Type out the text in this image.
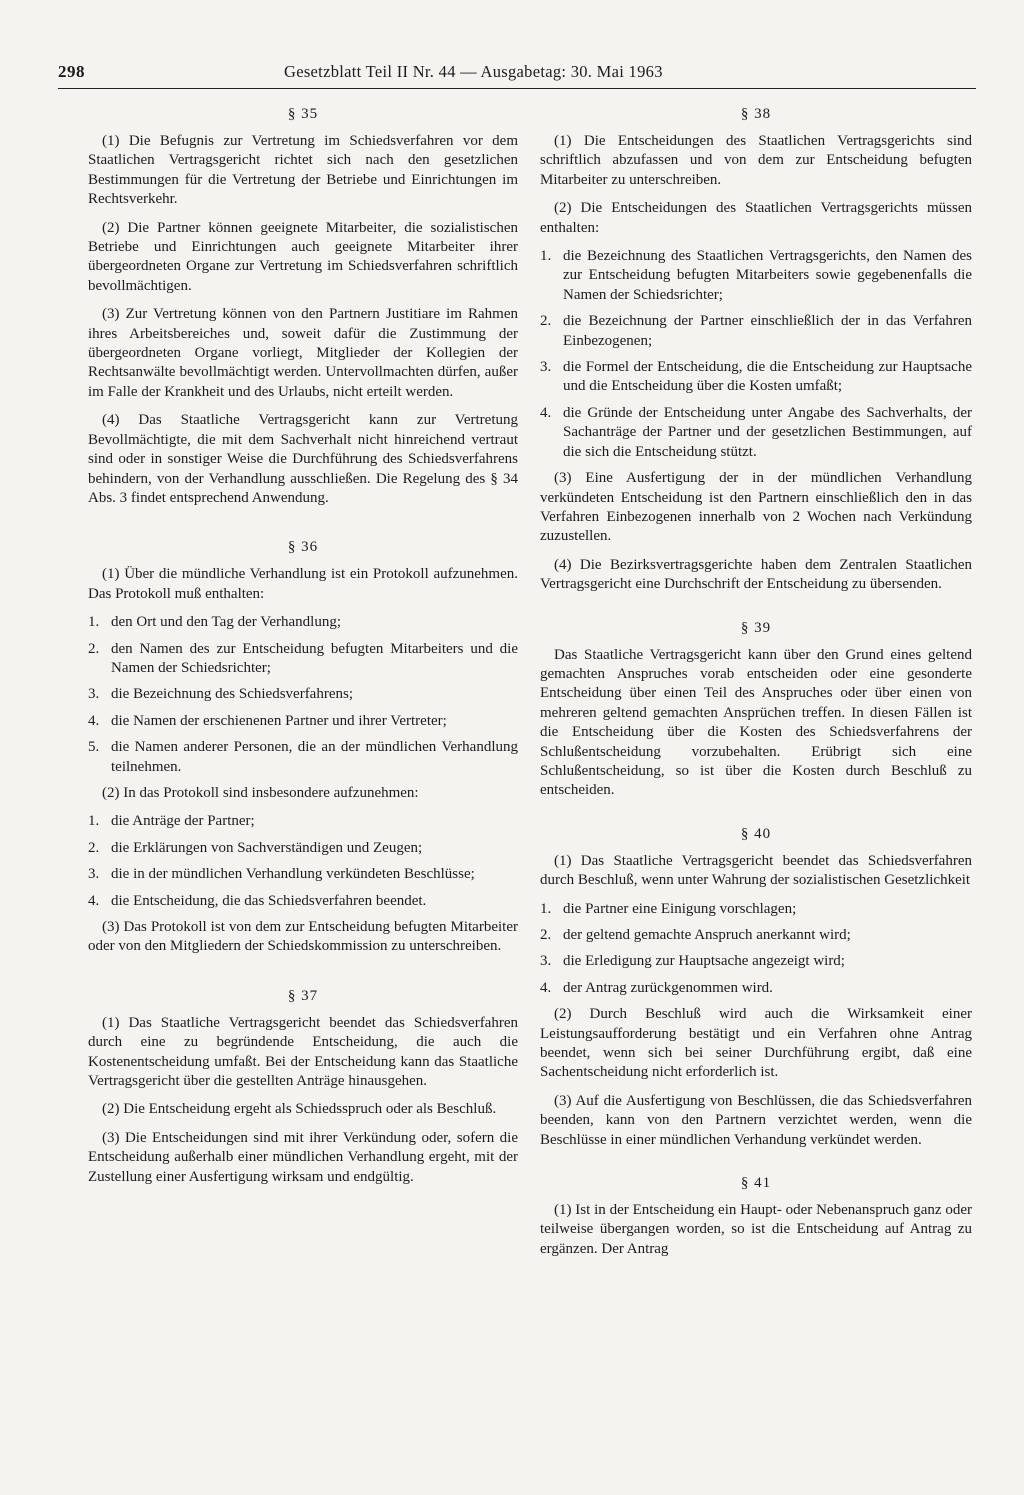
298	Gesetzblatt Teil II Nr. 44 — Ausgabetag: 30. Mai 1963
§ 35

(1) Die Befugnis zur Vertretung im Schiedsverfahren vor dem Staatlichen Vertragsgericht richtet sich nach den gesetzlichen Bestimmungen für die Vertretung der Betriebe und Einrichtungen im Rechtsverkehr.

(2) Die Partner können geeignete Mitarbeiter, die sozialistischen Betriebe und Einrichtungen auch geeignete Mitarbeiter ihrer übergeordneten Organe zur Vertretung im Schiedsverfahren schriftlich bevollmächtigen.

(3) Zur Vertretung können von den Partnern Justitiare im Rahmen ihres Arbeitsbereiches und, soweit dafür die Zustimmung der übergeordneten Organe vorliegt, Mitglieder der Kollegien der Rechtsanwälte bevollmächtigt werden. Untervollmachten dürfen, außer im Falle der Krankheit und des Urlaubs, nicht erteilt werden.

(4) Das Staatliche Vertragsgericht kann zur Vertretung Bevollmächtigte, die mit dem Sachverhalt nicht hinreichend vertraut sind oder in sonstiger Weise die Durchführung des Schiedsverfahrens behindern, von der Verhandlung ausschließen. Die Regelung des § 34 Abs. 3 findet entsprechend Anwendung.

§ 36

(1) Über die mündliche Verhandlung ist ein Protokoll aufzunehmen. Das Protokoll muß enthalten:

1. den Ort und den Tag der Verhandlung;
2. den Namen des zur Entscheidung befugten Mitarbeiters und die Namen der Schiedsrichter;
3. die Bezeichnung des Schiedsverfahrens;
4. die Namen der erschienenen Partner und ihrer Vertreter;
5. die Namen anderer Personen, die an der mündlichen Verhandlung teilnehmen.

(2) In das Protokoll sind insbesondere aufzunehmen:

1. die Anträge der Partner;
2. die Erklärungen von Sachverständigen und Zeugen;
3. die in der mündlichen Verhandlung verkündeten Beschlüsse;
4. die Entscheidung, die das Schiedsverfahren beendet.

(3) Das Protokoll ist von dem zur Entscheidung befugten Mitarbeiter oder von den Mitgliedern der Schiedskommission zu unterschreiben.

§ 37

(1) Das Staatliche Vertragsgericht beendet das Schiedsverfahren durch eine zu begründende Entscheidung, die auch die Kostenentscheidung umfaßt. Bei der Entscheidung kann das Staatliche Vertragsgericht über die gestellten Anträge hinausgehen.

(2) Die Entscheidung ergeht als Schiedsspruch oder als Beschluß.

(3) Die Entscheidungen sind mit ihrer Verkündung oder, sofern die Entscheidung außerhalb einer mündlichen Verhandlung ergeht, mit der Zustellung einer Ausfertigung wirksam und endgültig.

§ 38

(1) Die Entscheidungen des Staatlichen Vertragsgerichts sind schriftlich abzufassen und von dem zur Entscheidung befugten Mitarbeiter zu unterschreiben.

(2) Die Entscheidungen des Staatlichen Vertragsgerichts müssen enthalten:

1. die Bezeichnung des Staatlichen Vertragsgerichts, den Namen des zur Entscheidung befugten Mitarbeiters sowie gegebenenfalls die Namen der Schiedsrichter;
2. die Bezeichnung der Partner einschließlich der in das Verfahren Einbezogenen;
3. die Formel der Entscheidung, die die Entscheidung zur Hauptsache und die Entscheidung über die Kosten umfaßt;
4. die Gründe der Entscheidung unter Angabe des Sachverhalts, der Sachanträge der Partner und der gesetzlichen Bestimmungen, auf die sich die Entscheidung stützt.

(3) Eine Ausfertigung der in der mündlichen Verhandlung verkündeten Entscheidung ist den Partnern einschließlich den in das Verfahren Einbezogenen innerhalb von 2 Wochen nach Verkündung zuzustellen.

(4) Die Bezirksvertragsgerichte haben dem Zentralen Staatlichen Vertragsgericht eine Durchschrift der Entscheidung zu übersenden.

§ 39

Das Staatliche Vertragsgericht kann über den Grund eines geltend gemachten Anspruches vorab entscheiden oder eine gesonderte Entscheidung über einen Teil des Anspruches oder über einen von mehreren geltend gemachten Ansprüchen treffen. In diesen Fällen ist die Entscheidung über die Kosten des Schiedsverfahrens der Schlußentscheidung vorzubehalten. Erübrigt sich eine Schlußentscheidung, so ist über die Kosten durch Beschluß zu entscheiden.

§ 40

(1) Das Staatliche Vertragsgericht beendet das Schiedsverfahren durch Beschluß, wenn unter Wahrung der sozialistischen Gesetzlichkeit

1. die Partner eine Einigung vorschlagen;
2. der geltend gemachte Anspruch anerkannt wird;
3. die Erledigung zur Hauptsache angezeigt wird;
4. der Antrag zurückgenommen wird.

(2) Durch Beschluß wird auch die Wirksamkeit einer Leistungsaufforderung bestätigt und ein Verfahren ohne Antrag beendet, wenn sich bei seiner Durchführung ergibt, daß eine Sachentscheidung nicht erforderlich ist.

(3) Auf die Ausfertigung von Beschlüssen, die das Schiedsverfahren beenden, kann von den Partnern verzichtet werden, wenn die Beschlüsse in einer mündlichen Verhandung verkündet werden.

§ 41

(1) Ist in der Entscheidung ein Haupt- oder Nebenanspruch ganz oder teilweise übergangen worden, so ist die Entscheidung auf Antrag zu ergänzen. Der Antrag
